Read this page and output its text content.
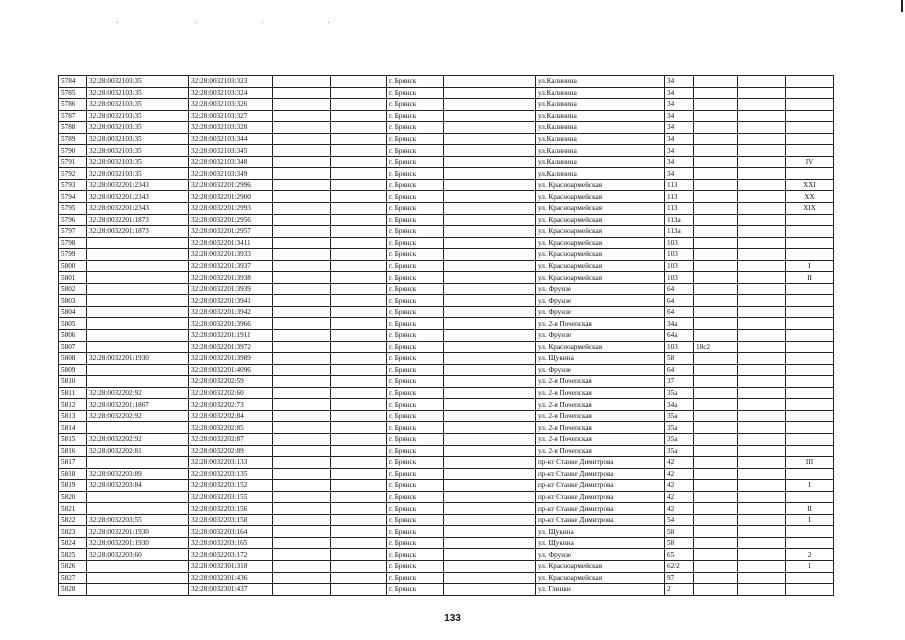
5784	32:28:0032103:35	32:28:0032103:323			г. Брянск		ул.Калинина	34			
5785	32:28:0032103:35	32:28:0032103:324			г. Брянск		ул.Калинина	34			
5786	32:28:0032103:35	32:28:0032103:326			г. Брянск		ул.Калинина	34			
5787	32:28:0032103:35	32:28:0032103:327			г. Брянск		ул.Калинина	34			
5788	32:28:0032103:35	32:28:0032103:328			г. Брянск		ул.Калинина	34			
5789	32:28:0032103:35	32:28:0032103:344			г. Брянск		ул.Калинина	34			
5790	32:28:0032103:35	32:28:0032103:345			г. Брянск		ул.Калинина	34			
5791	32:28:0032103:35	32:28:0032103:348			г. Брянск		ул.Калинина	34			IV
5792	32:28:0032103:35	32:28:0032103:349			г. Брянск		ул.Калинина	34			
5793	32:28:0032201:2343	32:28:0032201:2996			г. Брянск		ул. Красноармейская	113			XXI
5794	32:28:0032201:2343	32:28:0032201:2900			г. Брянск		ул. Красноармейская	113			XX
5795	32:28:0032201:2343	32:28:0032201:2993			г. Брянск		ул. Красноармейская	113			XIX
5796	32:28:0032201:1873	32:28:0032201:2956			г. Брянск		ул. Красноармейская	113а			
5797	32:28:0032201:1873	32:28:0032201:2957			г. Брянск		ул. Красноармейская	113а			
5798		32:28:0032201:3411			г. Брянск		ул. Красноармейская	103			
5799		32:28:0032201:3933			г. Брянск		ул. Красноармейская	103			
5800		32:28:0032201:3937			г. Брянск		ул. Красноармейская	103			I
5801		32:28:0032201:3938			г. Брянск		ул. Красноармейская	103			II
5802		32:28:0032201:3939			г. Брянск		ул. Фрунзе	64			
5803		32:28:0032201:3941			г. Брянск		ул. Фрунзе	64			
5804		32:28:0032201:3942			г. Брянск		ул. Фрунзе	64			
5805		32:28:0032201:3966			г. Брянск		ул. 2-я Почепская	34а			
5806		32:28:0032201:1911			г. Брянск		ул. Фрунзе	64а			
5807		32:28:0032201:3972			г. Брянск		ул. Красноармейская	103	18с2		
5808	32:28:0032201:1930	32:28:0032201:3989			г. Брянск		ул. Щукина	58			
5809		32:28:0032201:4096			г. Брянск		ул. Фрунзе	64			
5810		32:28:0032202:59			г. Брянск		ул. 2-я Почепская	37			
5811	32:28:0032202:92	32:28:0032202:60			г. Брянск		ул. 2-я Почепская	35а			
5812	32:28:0032201:1867	32:28:0032202:73			г. Брянск		ул. 2-я Почепская	34а			
5813	32:28:0032202:92	32:28:0032202:84			г. Брянск		ул. 2-я Почепская	35а			
5814		32:28:0032202:85			г. Брянск		ул. 2-я Почепская	35а			
5815	32:28:0032202:92	32:28:0032202:87			г. Брянск		ул. 2-я Почепская	35а			
5816	32:28:0032202:81	32:28:0032202:89			г. Брянск		ул. 2-я Почепская	35а			
5817		32:28:0032203:133			г. Брянск		пр-кт Станке Димитрова	42			III
5818	32:28:0032203:89	32:28:0032203:135			г. Брянск		пр-кт Станке Димитрова	42			
5819	32:28:0032203:84	32:28:0032203:152			г. Брянск		пр-кт Станке Димитрова	42			I
5820		32:28:0032203:155			г. Брянск		пр-кт Станке Димитрова	42			
5821		32:28:0032203:156			г. Брянск		пр-кт Станке Димитрова	42			II
5822	32:28:0032203:55	32:28:0032203:158			г. Брянск		пр-кт Станке Димитрова	54			I
5823	32:28:0032201:1930	32:28:0032203:164			г. Брянск		ул. Щукина	58			
5824	32:28:0032201:1930	32:28:0032203:165			г. Брянск		ул. Щукина	58			
5825	32:28:0032203:60	32:28:0032203:172			г. Брянск		ул. Фрунзе	65			2
5826		32:28:0032301:318			г. Брянск		ул. Красноармейская	62/2			1
5827		32:28:0032301:436			г. Брянск		ул. Красноармейская	97			
5828		32:28:0032301:437			г. Брянск		ул. Глинки	2			
133
